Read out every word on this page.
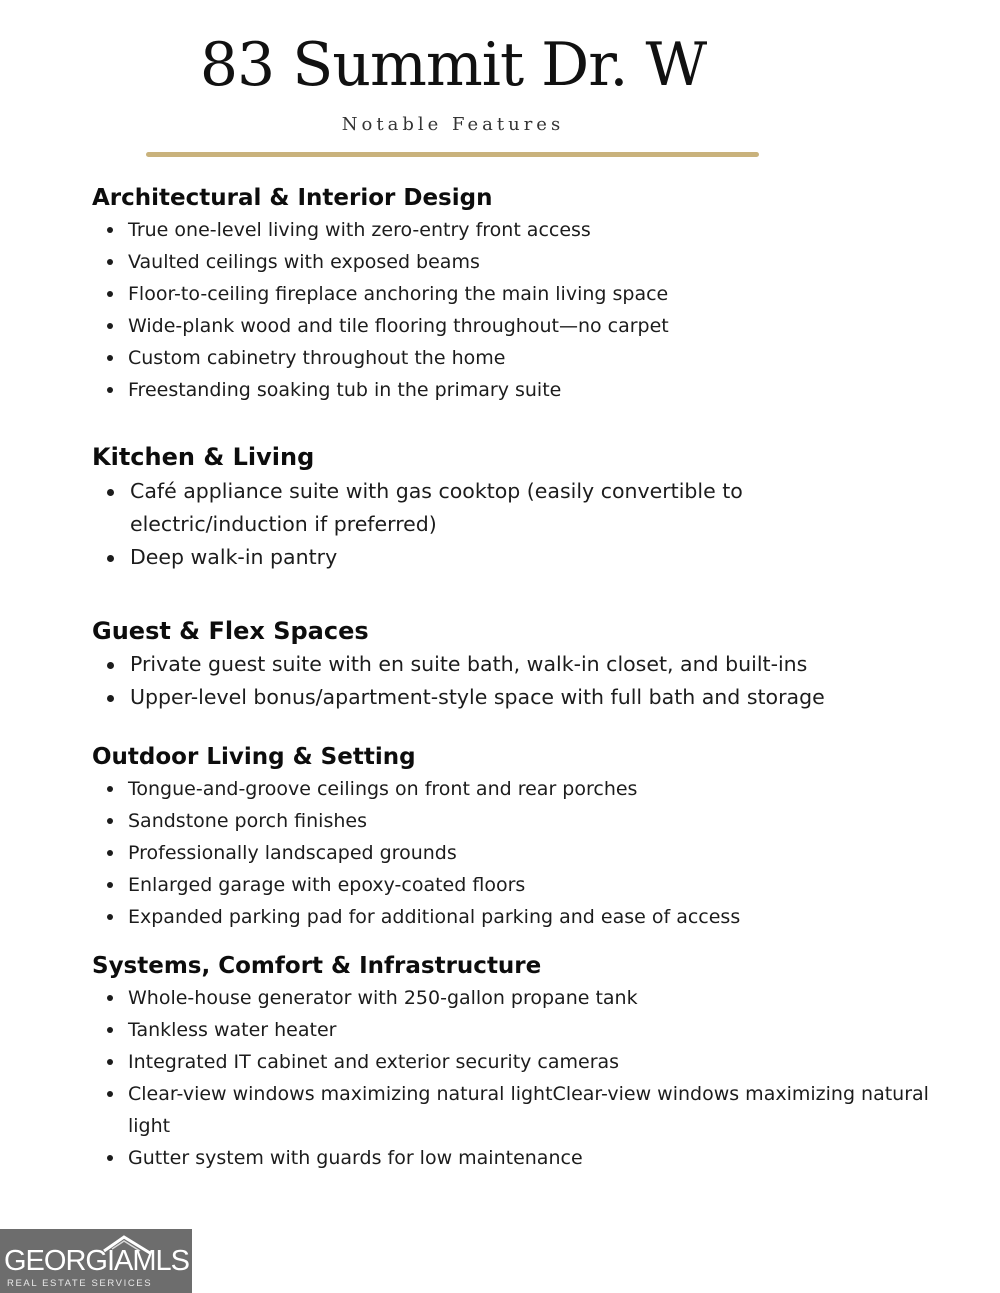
83 Summit Dr. W
Notable Features
Architectural & Interior Design
True one-level living with zero-entry front access
Vaulted ceilings with exposed beams
Floor-to-ceiling fireplace anchoring the main living space
Wide-plank wood and tile flooring throughout—no carpet
Custom cabinetry throughout the home
Freestanding soaking tub in the primary suite
Kitchen & Living
Café appliance suite with gas cooktop (easily convertible to electric/induction if preferred)
Deep walk-in pantry
Guest & Flex Spaces
Private guest suite with en suite bath, walk-in closet, and built-ins
Upper-level bonus/apartment-style space with full bath and storage
Outdoor Living & Setting
Tongue-and-groove ceilings on front and rear porches
Sandstone porch finishes
Professionally landscaped grounds
Enlarged garage with epoxy-coated floors
Expanded parking pad for additional parking and ease of access
Systems, Comfort & Infrastructure
Whole-house generator with 250-gallon propane tank
Tankless water heater
Integrated IT cabinet and exterior security cameras
Clear-view windows maximizing natural lightClear-view windows maximizing natural light
Gutter system with guards for low maintenance
GEORGIAMLS
REAL ESTATE SERVICES
